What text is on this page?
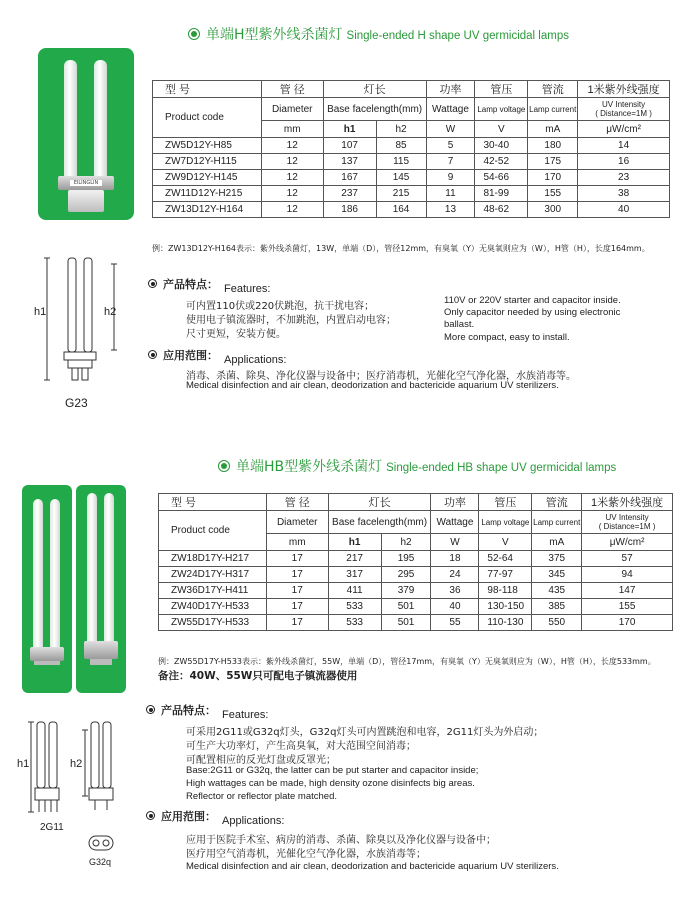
单端H型紫外线杀菌灯 Single-ended H shape UV germicidal lamps
EILINGLIN
h1	h2
G23
型 号	管 径	灯长		功率	管压	管流	1米紫外线强度
Product code	Diameter	Base facelength(mm)		Wattage	Lamp voltage	Lamp current	UV Intensity
( Distance=1M )
	mm	h1	h2	W	V	mA	μW/cm²
ZW5D12Y-H85	12	107	85	5	30-40	180	14
ZW7D12Y-H115	12	137	115	7	42-52	175	16
ZW9D12Y-H145	12	167	145	9	54-66	170	23
ZW11D12Y-H215	12	237	215	11	81-99	155	38
ZW13D12Y-H164	12	186	164	13	48-62	300	40
例：ZW13D12Y-H164表示：紫外线杀菌灯，13W，单端（D），管径12mm，有臭氧（Y）无臭氧则应为（W），H管（H），长度164mm。
产品特点： Features:
可内置110伏或220伏跳泡，抗干扰电容；
使用电子镇流器时，不加跳泡，内置启动电容；
尺寸更短，安装方便。
110V or 220V starter and capacitor inside.
Only capacitor needed by using electronic
ballast.
More compact, easy to install.
应用范围： Applications:
消毒、杀菌、除臭、净化仪器与设备中；医疗消毒机，光催化空气净化器，水族消毒等。
Medical disinfection and air clean, deodorization and bactericide aquarium UV sterilizers.
单端HB型紫外线杀菌灯 Single-ended HB shape UV germicidal lamps
h1	h2
2G11
G32q
型 号	管 径	灯长		功率	管压	管流	1米紫外线强度
Product code	Diameter	Base facelength(mm)		Wattage	Lamp voltage	Lamp current	UV Intensity
( Distance=1M )
	mm	h1	h2	W	V	mA	μW/cm²
ZW18D17Y-H217	17	217	195	18	52-64	375	57
ZW24D17Y-H317	17	317	295	24	77-97	345	94
ZW36D17Y-H411	17	411	379	36	98-118	435	147
ZW40D17Y-H533	17	533	501	40	130-150	385	155
ZW55D17Y-H533	17	533	501	55	110-130	550	170
例：ZW55D17Y-H533表示：紫外线杀菌灯，55W，单端（D），管径17mm，有臭氧（Y）无臭氧则应为（W），H管（H），长度533mm。
备注：40W、55W只可配电子镇流器使用
产品特点： Features:
可采用2G11或G32q灯头，G32q灯头可内置跳泡和电容，2G11灯头为外启动；
可生产大功率灯，产生高臭氧，对大范围空间消毒；
可配置相应的反光灯盘或反罩光；
Base:2G11 or G32q, the latter can be put starter and capacitor inside;
High wattages can be made, high density ozone disinfects big areas.
Reflector or reflector plate matched.
应用范围： Applications:
应用于医院手术室、病房的消毒、杀菌、除臭以及净化仪器与设备中；
医疗用空气消毒机，光催化空气净化器，水族消毒等；
Medical disinfection and air clean, deodorization and bactericide aquarium UV sterilizers.
